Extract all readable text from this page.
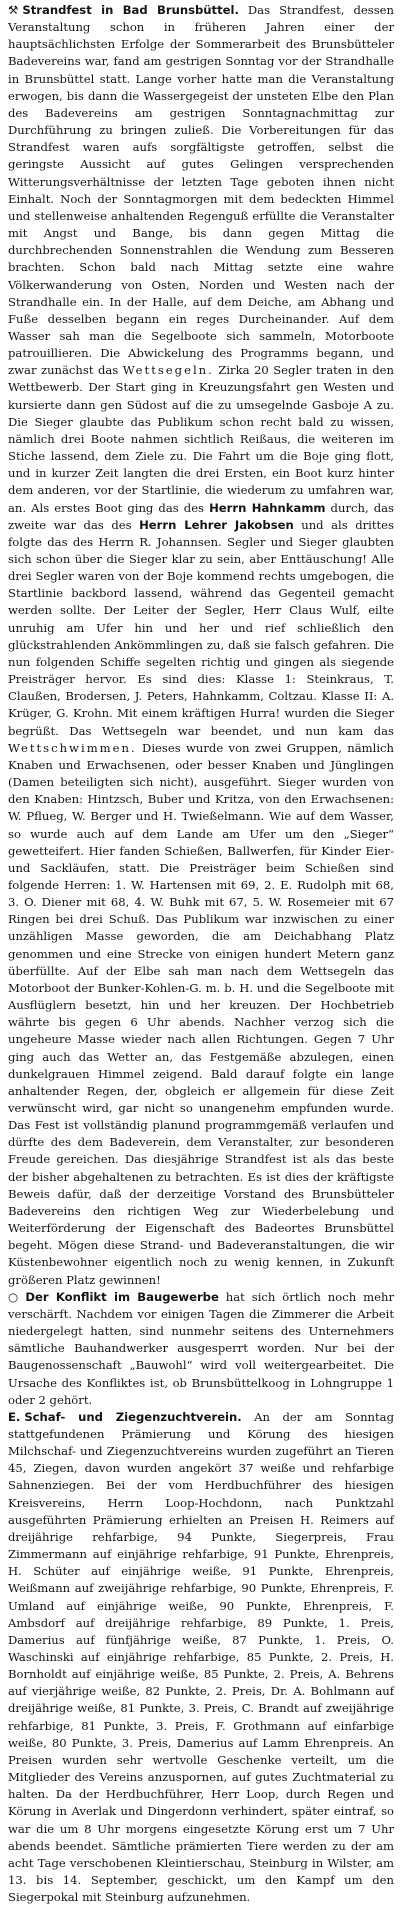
⚒ Strandfest in Bad Brunsbüttel. Das Strandfest, dessen Veranstaltung schon in früheren Jahren einer der hauptsächlichsten Erfolge der Sommerarbeit des Brunsbütteler Badevereins war, fand am gestrigen Sonntag vor der Strandhalle in Brunsbüttel statt. Lange vorher hatte man die Veranstaltung erwogen, bis dann die Wassergegeist der unsteten Elbe den Plan des Badevereins am gestrigen Sonntagnachmittag zur Durchführung zu bringen zuließ. Die Vorbereitungen für das Strandfest waren aufs sorgfältigste getroffen, selbst die geringste Aussicht auf gutes Gelingen versprechenden Witterungsverhältnisse der letzten Tage geboten ihnen nicht Einhalt. Noch der Sonntagmorgen mit dem bedeckten Himmel und stellenweise anhaltenden Regenguß erfüllte die Veranstalter mit Angst und Bange, bis dann gegen Mittag die durchbrechenden Sonnenstrahlen die Wendung zum Besseren brachten. Schon bald nach Mittag setzte eine wahre Völkerwanderung von Osten, Norden und Westen nach der Strandhalle ein. In der Halle, auf dem Deiche, am Abhang und Fuße desselben begann ein reges Durcheinander. Auf dem Wasser sah man die Segelboote sich sammeln, Motorboote patrouillieren. Die Abwickelung des Programms begann, und zwar zunächst das Wettsegeln. Zirka 20 Segler traten in den Wettbewerb. Der Start ging in Kreuzungsfahrt gen Westen und kursierte dann gen Südost auf die zu umsegelnde Gasboje A zu. Die Sieger glaubte das Publikum schon recht bald zu wissen, nämlich drei Boote nahmen sichtlich Reißaus, die weiteren im Stiche lassend, dem Ziele zu. Die Fahrt um die Boje ging flott, und in kurzer Zeit langten die drei Ersten, ein Boot kurz hinter dem anderen, vor der Startlinie, die wiederum zu umfahren war, an. Als erstes Boot ging das des Herrn Hahnkamm durch, das zweite war das des Herrn Lehrer Jakobsen und als drittes folgte das des Herrn R. Johannsen. Segler und Sieger glaubten sich schon über die Sieger klar zu sein, aber Enttäuschung! Alle drei Segler waren von der Boje kommend rechts umgebogen, die Startlinie backbord lassend, während das Gegenteil gemacht werden sollte. Der Leiter der Segler, Herr Claus Wulf, eilte unruhig am Ufer hin und her und rief schließlich den glückstrahlenden Ankömmlingen zu, daß sie falsch gefahren. Die nun folgenden Schiffe segelten richtig und gingen als siegende Preisträger hervor. Es sind dies: Klasse 1: Steinkraus, T. Claußen, Brodersen, J. Peters, Hahnkamm, Coltzau. Klasse II: A. Krüger, G. Krohn. Mit einem kräftigen Hurra! wurden die Sieger begrüßt. Das Wettsegeln war beendet, und nun kam das Wettschwimmen. Dieses wurde von zwei Gruppen, nämlich Knaben und Erwachsenen, oder besser Knaben und Jünglingen (Damen beteiligten sich nicht), ausgeführt. Sieger wurden von den Knaben: Hintzsch, Buber und Kritza, von den Erwachsenen: W. Pflueg, W. Berger und H. Twießelmann. Wie auf dem Wasser, so wurde auch auf dem Lande am Ufer um den „Sieger“ gewetteifert. Hier fanden Schießen, Ballwerfen, für Kinder Eier- und Sackläufen, statt. Die Preisträger beim Schießen sind folgende Herren: 1. W. Hartensen mit 69, 2. E. Rudolph mit 68, 3. O. Diener mit 68, 4. W. Buhk mit 67, 5. W. Rosemeier mit 67 Ringen bei drei Schuß. Das Publikum war inzwischen zu einer unzähligen Masse geworden, die am Deichabhang Platz genommen und eine Strecke von einigen hundert Metern ganz überfüllte. Auf der Elbe sah man nach dem Wettsegeln das Motorboot der Bunker-Kohlen-G. m. b. H. und die Segelboote mit Ausflüglern besetzt, hin und her kreuzen. Der Hochbetrieb währte bis gegen 6 Uhr abends. Nachher verzog sich die ungeheure Masse wieder nach allen Richtungen. Gegen 7 Uhr ging auch das Wetter an, das Festgemäße abzulegen, einen dunkelgrauen Himmel zeigend. Bald darauf folgte ein lange anhaltender Regen, der, obgleich er allgemein für diese Zeit verwünscht wird, gar nicht so unangenehm empfunden wurde. Das Fest ist vollständig planund programmgemäß verlaufen und dürfte des dem Badeverein, dem Veranstalter, zur besonderen Freude gereichen. Das diesjährige Strandfest ist als das beste der bisher abgehaltenen zu betrachten. Es ist dies der kräftigste Beweis dafür, daß der derzeitige Vorstand des Brunsbütteler Badevereins den richtigen Weg zur Wiederbelebung und Weiterförderung der Eigenschaft des Badeortes Brunsbüttel begeht. Mögen diese Strand- und Badeveranstaltungen, die wir Küstenbewohner eigentlich noch zu wenig kennen, in Zukunft größeren Platz gewinnen!

○ Der Konflikt im Baugewerbe hat sich örtlich noch mehr verschärft. Nachdem vor einigen Tagen die Zimmerer die Arbeit niedergelegt hatten, sind nunmehr seitens des Unternehmers sämtliche Bauhandwerker ausgesperrt worden. Nur bei der Baugenossenschaft „Bauwohl“ wird voll weitergearbeitet. Die Ursache des Konfliktes ist, ob Brunsbüttelkoog in Lohngruppe 1 oder 2 gehört.

E. Schaf- und Ziegenzuchtverein. An der am Sonntag stattgefundenen Prämierung und Körung des hiesigen Milchschaf- und Ziegenzuchtvereins wurden zugeführt an Tieren 45, Ziegen, davon wurden angekört 37 weiße und rehfarbige Sahnenziegen. Bei der vom Herdbuchführer des hiesigen Kreisvereins, Herrn Loop-Hochdonn, nach Punktzahl ausgeführten Prämierung erhielten an Preisen H. Reimers auf dreijährige rehfarbige, 94 Punkte, Siegerpreis, Frau Zimmermann auf einjährige rehfarbige, 91 Punkte, Ehrenpreis, H. Schüter auf einjährige weiße, 91 Punkte, Ehrenpreis, Weißmann auf zweijährige rehfarbige, 90 Punkte, Ehrenpreis, F. Umland auf einjährige weiße, 90 Punkte, Ehrenpreis, F. Ambsdorf auf dreijährige rehfarbige, 89 Punkte, 1. Preis, Damerius auf fünfjährige weiße, 87 Punkte, 1. Preis, O. Waschinski auf einjährige rehfarbige, 85 Punkte, 2. Preis, H. Bornholdt auf einjährige weiße, 85 Punkte, 2. Preis, A. Behrens auf vierjährige weiße, 82 Punkte, 2. Preis, Dr. A. Bohlmann auf dreijährige weiße, 81 Punkte, 3. Preis, C. Brandt auf zweijährige rehfarbige, 81 Punkte, 3. Preis, F. Grothmann auf einfarbige weiße, 80 Punkte, 3. Preis, Damerius auf Lamm Ehrenpreis. An Preisen wurden sehr wertvolle Geschenke verteilt, um die Mitglieder des Vereins anzuspornen, auf gutes Zuchtmaterial zu halten. Da der Herdbuchführer, Herr Loop, durch Regen und Körung in Averlak und Dingerdonn verhindert, später eintraf, so war die um 8 Uhr morgens eingesetzte Körung erst um 7 Uhr abends beendet. Sämtliche prämierten Tiere werden zu der am acht Tage verschobenen Kleintierschau, Steinburg in Wilster, am 13. bis 14. September, geschickt, um den Kampf um den Siegerpokal mit Steinburg aufzunehmen.
